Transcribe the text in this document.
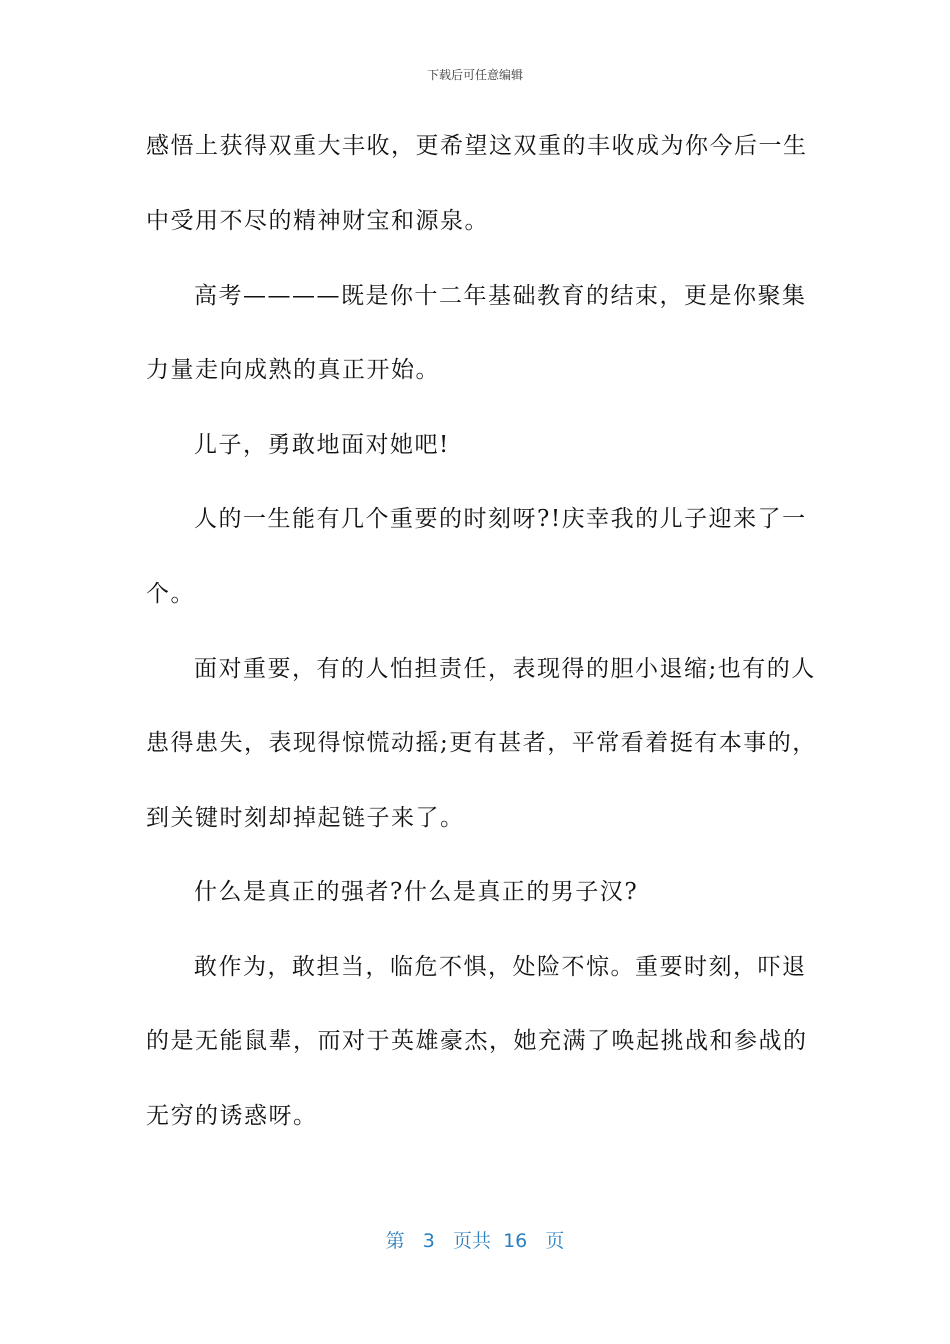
下载后可任意编辑
感悟上获得双重大丰收，更希望这双重的丰收成为你今后一生
中受用不尽的精神财宝和源泉。
高考————既是你十二年基础教育的结束，更是你聚集
力量走向成熟的真正开始。
儿子，勇敢地面对她吧!
人的一生能有几个重要的时刻呀?!庆幸我的儿子迎来了一
个。
面对重要，有的人怕担责任，表现得的胆小退缩;也有的人
患得患失，表现得惊慌动摇;更有甚者，平常看着挺有本事的，
到关键时刻却掉起链子来了。
什么是真正的强者?什么是真正的男子汉?
敢作为，敢担当，临危不惧，处险不惊。重要时刻，吓退
的是无能鼠辈，而对于英雄豪杰，她充满了唤起挑战和参战的
无穷的诱惑呀。
第 3 页共 16 页
